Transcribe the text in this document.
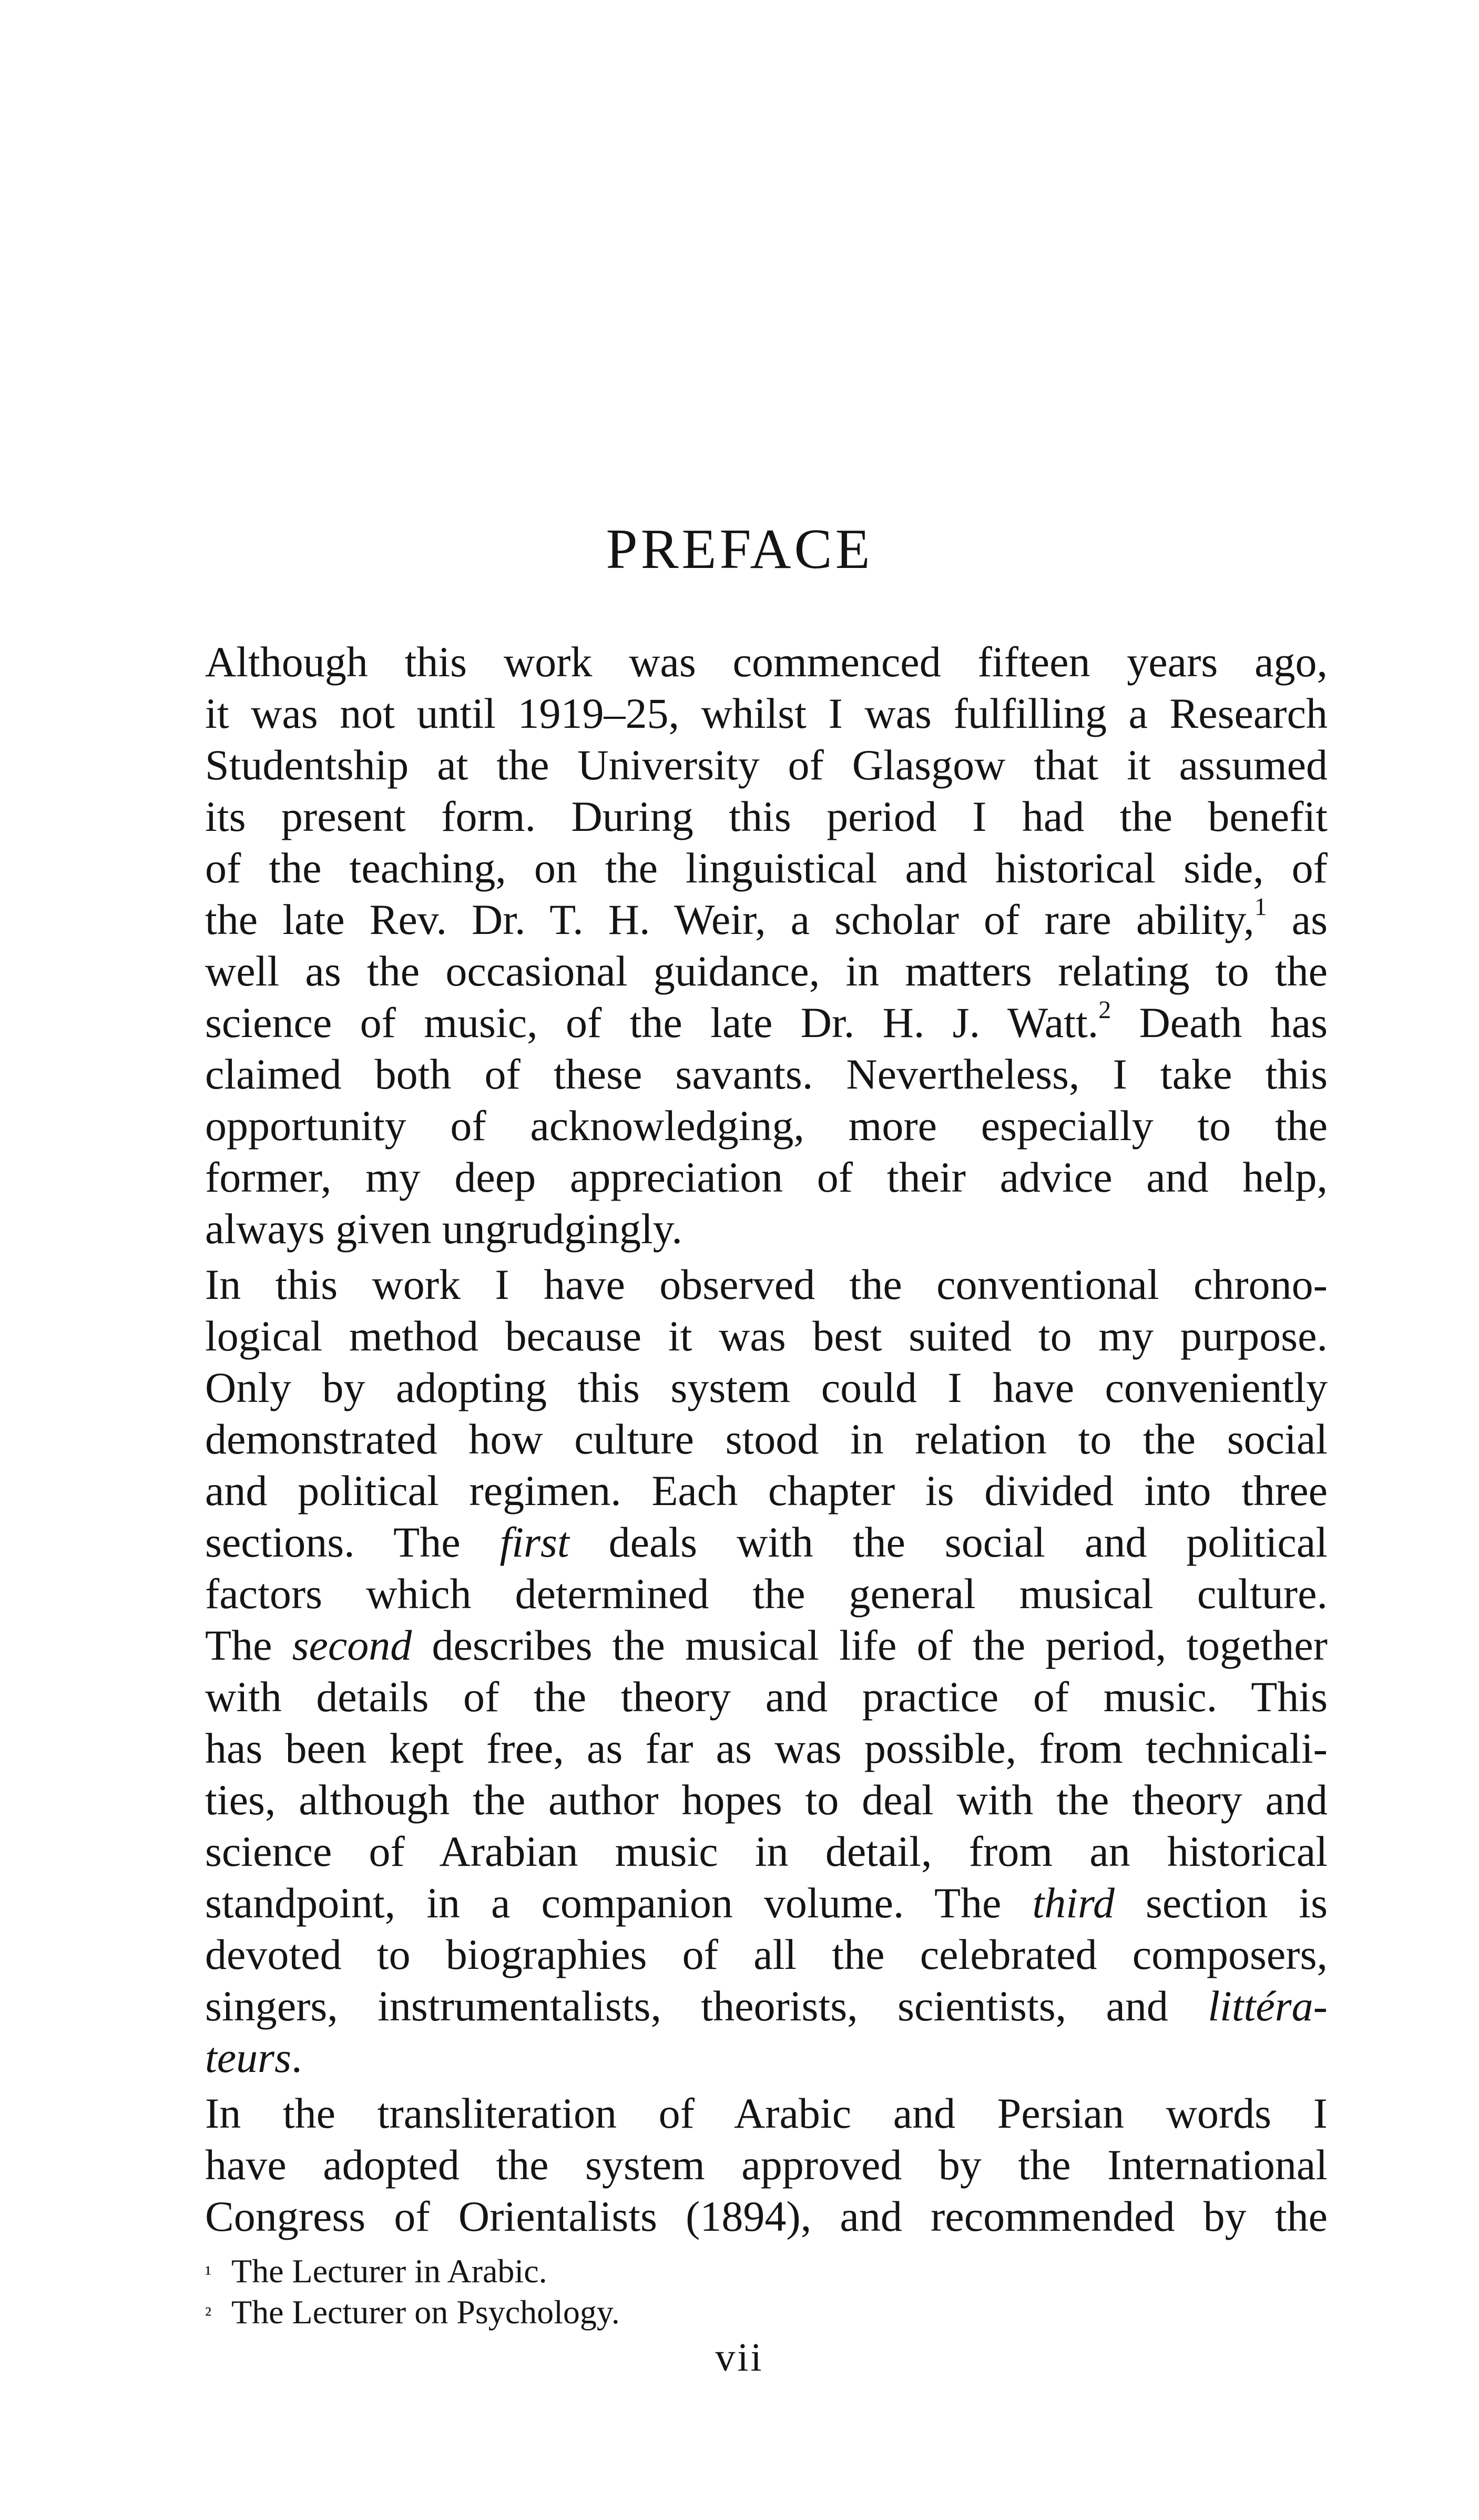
PREFACE

Although this work was commenced fifteen years ago,
it was not until 1919–25, whilst I was fulfilling a Research
Studentship at the University of Glasgow that it assumed
its present form. During this period I had the benefit
of the teaching, on the linguistical and historical side, of
the late Rev. Dr. T. H. Weir, a scholar of rare ability,$^1$ as
well as the occasional guidance, in matters relating to the
science of music, of the late Dr. H. J. Watt.$^2$ Death has
claimed both of these savants. Nevertheless, I take this
opportunity of acknowledging, more especially to the
former, my deep appreciation of their advice and help,
always given ungrudgingly.

In this work I have observed the conventional chrono-
logical method because it was best suited to my purpose.
Only by adopting this system could I have conveniently
demonstrated how culture stood in relation to the social
and political regimen. Each chapter is divided into three
sections. The first deals with the social and political
factors which determined the general musical culture.
The second describes the musical life of the period, together
with details of the theory and practice of music. This
has been kept free, as far as was possible, from technicali-
ties, although the author hopes to deal with the theory and
science of Arabian music in detail, from an historical
standpoint, in a companion volume. The third section is
devoted to biographies of all the celebrated composers,
singers, instrumentalists, theorists, scientists, and littéra-
teurs.

In the transliteration of Arabic and Persian words I
have adopted the system approved by the International
Congress of Orientalists (1894), and recommended by the

¹ The Lecturer in Arabic.
² The Lecturer on Psychology.
vii
